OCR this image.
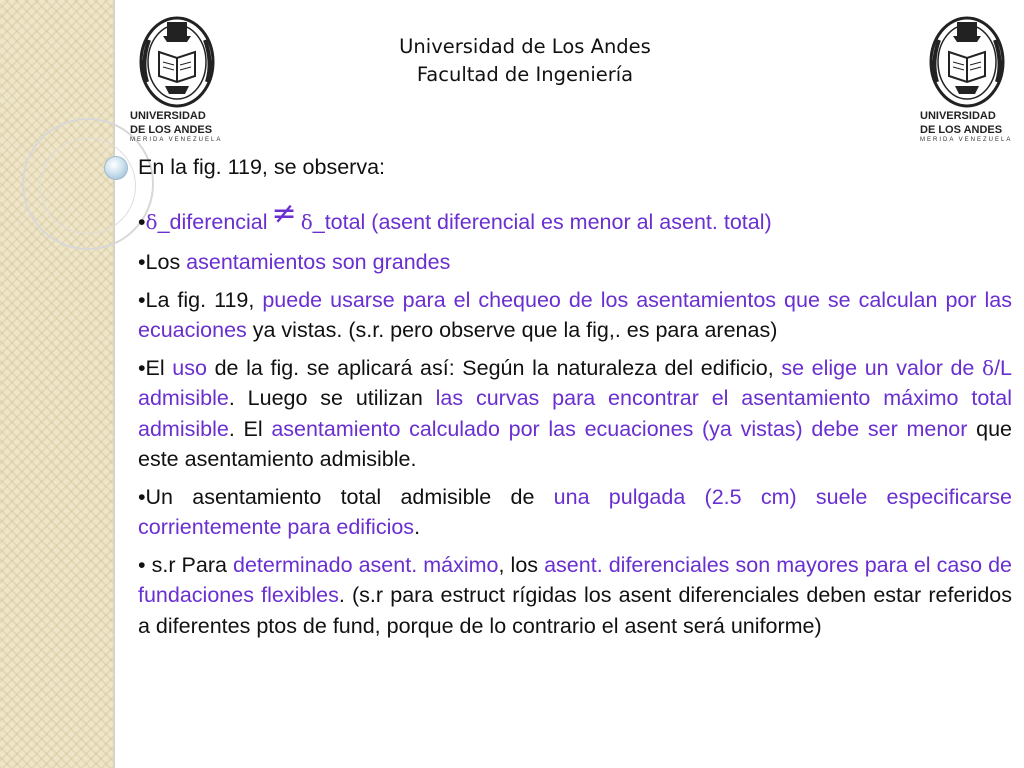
UNIVERSIDAD
DE LOS ANDES
MERIDA VENEZUELA
UNIVERSIDAD
DE LOS ANDES
MERIDA VENEZUELA
Universidad de Los Andes
Facultad de Ingeniería

En la fig. 119, se observa:

•δ_diferencial ≠ δ_total (asent diferencial es menor al asent. total)

•Los asentamientos son grandes

•La fig. 119, puede usarse para el chequeo de los asentamientos que se calculan por las ecuaciones ya vistas. (s.r. pero observe que la fig,. es para arenas)

•El uso de la fig. se aplicará así: Según la naturaleza del edificio, se elige un valor de δ/L admisible. Luego se utilizan las curvas para encontrar el asentamiento máximo total admisible. El asentamiento calculado por las ecuaciones (ya vistas) debe ser menor que este asentamiento admisible.

•Un asentamiento total admisible de una pulgada (2.5 cm) suele especificarse corrientemente para edificios.

• s.r Para determinado asent. máximo, los asent. diferenciales son mayores para el caso de fundaciones flexibles. (s.r para estruct rígidas los asent diferenciales deben estar referidos a diferentes ptos de fund, porque de lo contrario el asent será uniforme)
